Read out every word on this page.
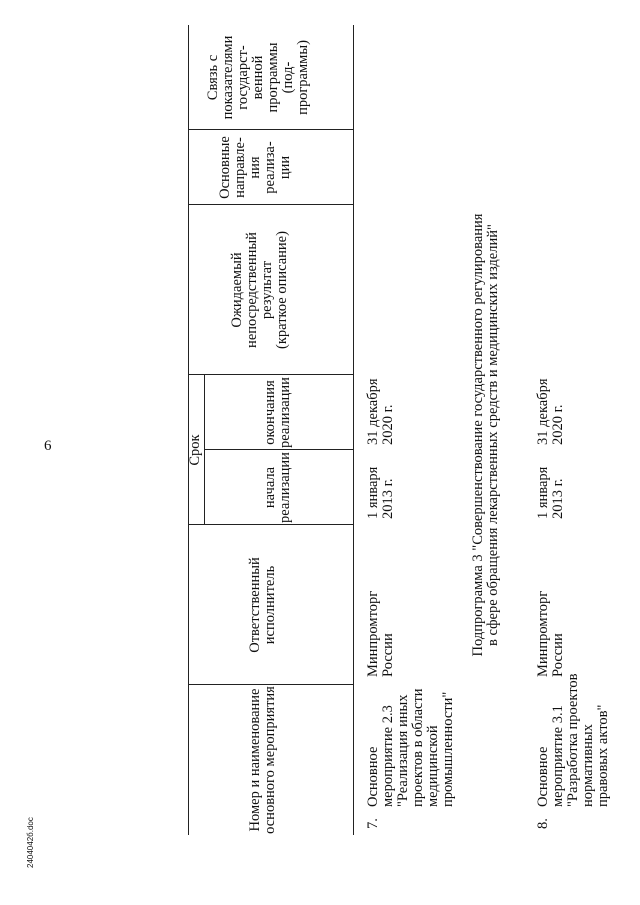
6
Номер и наименование основного мероприятия
Ответственный исполнитель
Срок
начала реализации
окончания реализации
Ожидаемый непосредственный результат (краткое описание)
Основные направле- ния реализа- ции
Связь с показателями государст- венной программы (под- программы)
7.
Основное мероприятие 2.3 "Реализация иных проектов в области медицинской промышленности"
Минпромторг России
1 января 2013 г.
31 декабря 2020 г.	Подпрограмма 3 "Совершенствование государственного регулирования в сфере обращения лекарственных средств и медицинских изделий"
8.
Основное мероприятие 3.1 "Разработка проектов нормативных правовых актов"
Минпромторг России
1 января 2013 г.
31 декабря 2020 г.
2404042б.doc
